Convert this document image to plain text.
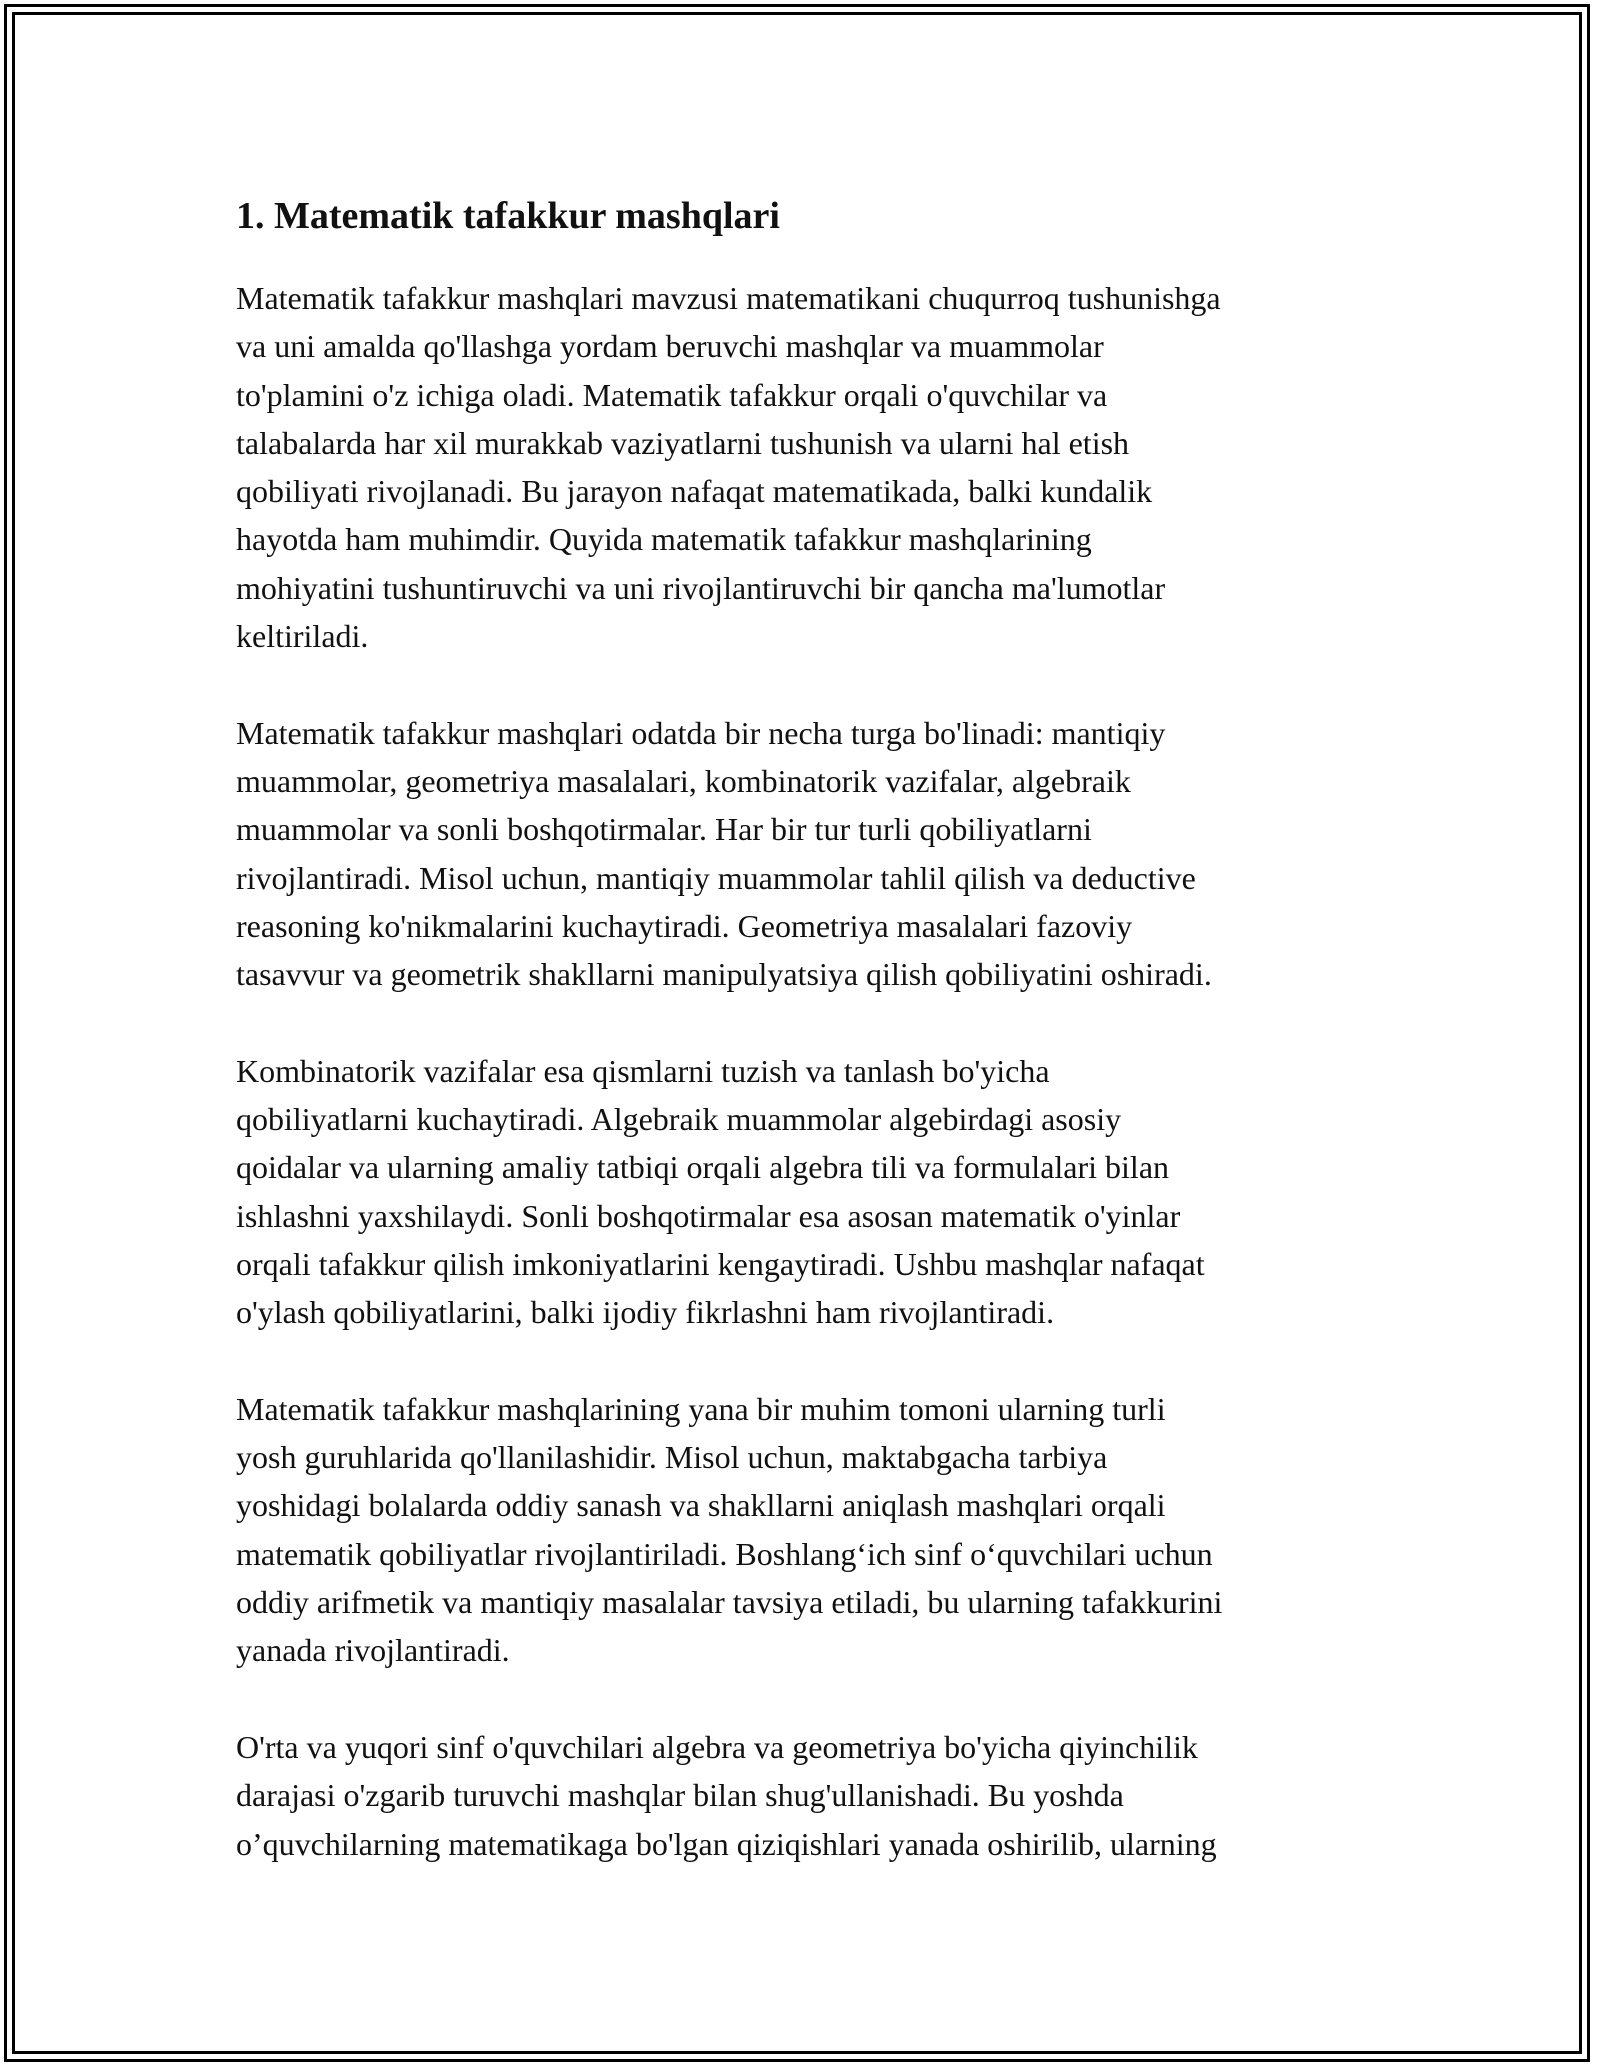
1. Matematik tafakkur mashqlari

Matematik tafakkur mashqlari mavzusi matematikani chuqurroq tushunishga
va uni amalda qo'llashga yordam beruvchi mashqlar va muammolar
to'plamini o'z ichiga oladi. Matematik tafakkur orqali o'quvchilar va
talabalarda har xil murakkab vaziyatlarni tushunish va ularni hal etish
qobiliyati rivojlanadi. Bu jarayon nafaqat matematikada, balki kundalik
hayotda ham muhimdir. Quyida matematik tafakkur mashqlarining
mohiyatini tushuntiruvchi va uni rivojlantiruvchi bir qancha ma'lumotlar
keltiriladi.

Matematik tafakkur mashqlari odatda bir necha turga bo'linadi: mantiqiy
muammolar, geometriya masalalari, kombinatorik vazifalar, algebraik
muammolar va sonli boshqotirmalar. Har bir tur turli qobiliyatlarni
rivojlantiradi. Misol uchun, mantiqiy muammolar tahlil qilish va deductive
reasoning ko'nikmalarini kuchaytiradi. Geometriya masalalari fazoviy
tasavvur va geometrik shakllarni manipulyatsiya qilish qobiliyatini oshiradi.

Kombinatorik vazifalar esa qismlarni tuzish va tanlash bo'yicha
qobiliyatlarni kuchaytiradi. Algebraik muammolar algebirdagi asosiy
qoidalar va ularning amaliy tatbiqi orqali algebra tili va formulalari bilan
ishlashni yaxshilaydi. Sonli boshqotirmalar esa asosan matematik o'yinlar
orqali tafakkur qilish imkoniyatlarini kengaytiradi. Ushbu mashqlar nafaqat
o'ylash qobiliyatlarini, balki ijodiy fikrlashni ham rivojlantiradi.

Matematik tafakkur mashqlarining yana bir muhim tomoni ularning turli
yosh guruhlarida qo'llanilashidir. Misol uchun, maktabgacha tarbiya
yoshidagi bolalarda oddiy sanash va shakllarni aniqlash mashqlari orqali
matematik qobiliyatlar rivojlantiriladi. Boshlang‘ich sinf o‘quvchilari uchun
oddiy arifmetik va mantiqiy masalalar tavsiya etiladi, bu ularning tafakkurini
yanada rivojlantiradi.

O'rta va yuqori sinf o'quvchilari algebra va geometriya bo'yicha qiyinchilik
darajasi o'zgarib turuvchi mashqlar bilan shug'ullanishadi. Bu yoshda
o’quvchilarning matematikaga bo'lgan qiziqishlari yanada oshirilib, ularning
